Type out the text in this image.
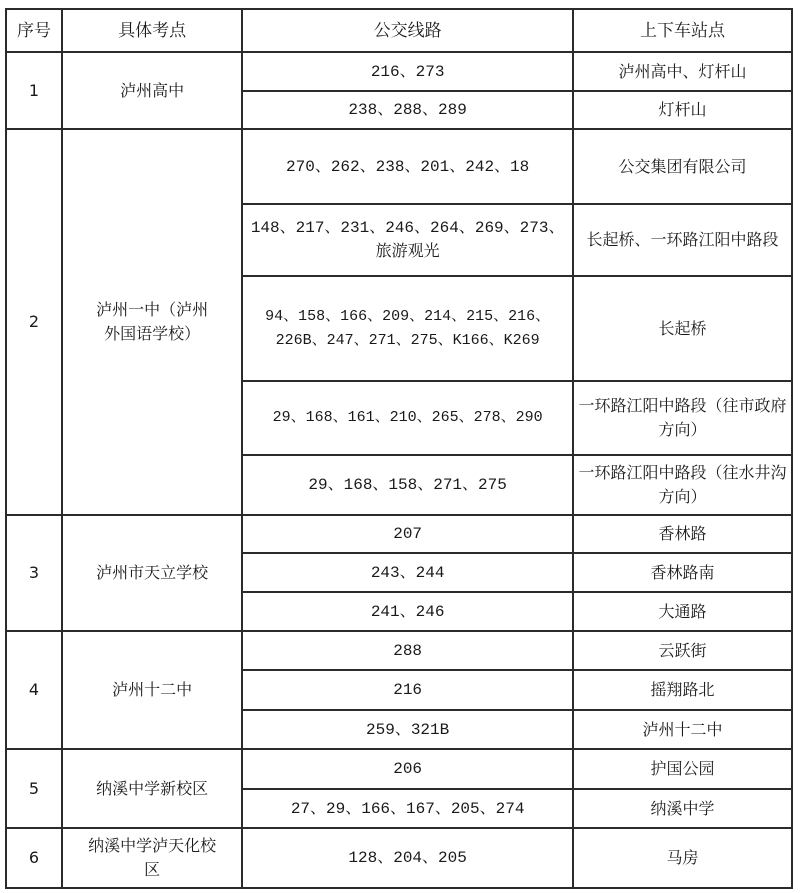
序号	具体考点	公交线路	上下车站点
1	泸州高中	216、273	泸州高中、灯杆山
		238、288、289	灯杆山
2	泸州一中（泸州外国语学校）	270、262、238、201、242、18	公交集团有限公司
		148、217、231、246、264、269、273、旅游观光	长起桥、一环路江阳中路段
		94、158、166、209、214、215、216、226B、247、271、275、K166、K269	长起桥
		29、168、161、210、265、278、290	一环路江阳中路段（往市政府方向）
		29、168、158、271、275	一环路江阳中路段（往水井沟方向）
3	泸州市天立学校	207	香林路
		243、244	香林路南
		241、246	大通路
4	泸州十二中	288	云跃街
		216	摇翔路北
		259、321B	泸州十二中
5	纳溪中学新校区	206	护国公园
		27、29、166、167、205、274	纳溪中学
6	纳溪中学泸天化校区	128、204、205	马房
